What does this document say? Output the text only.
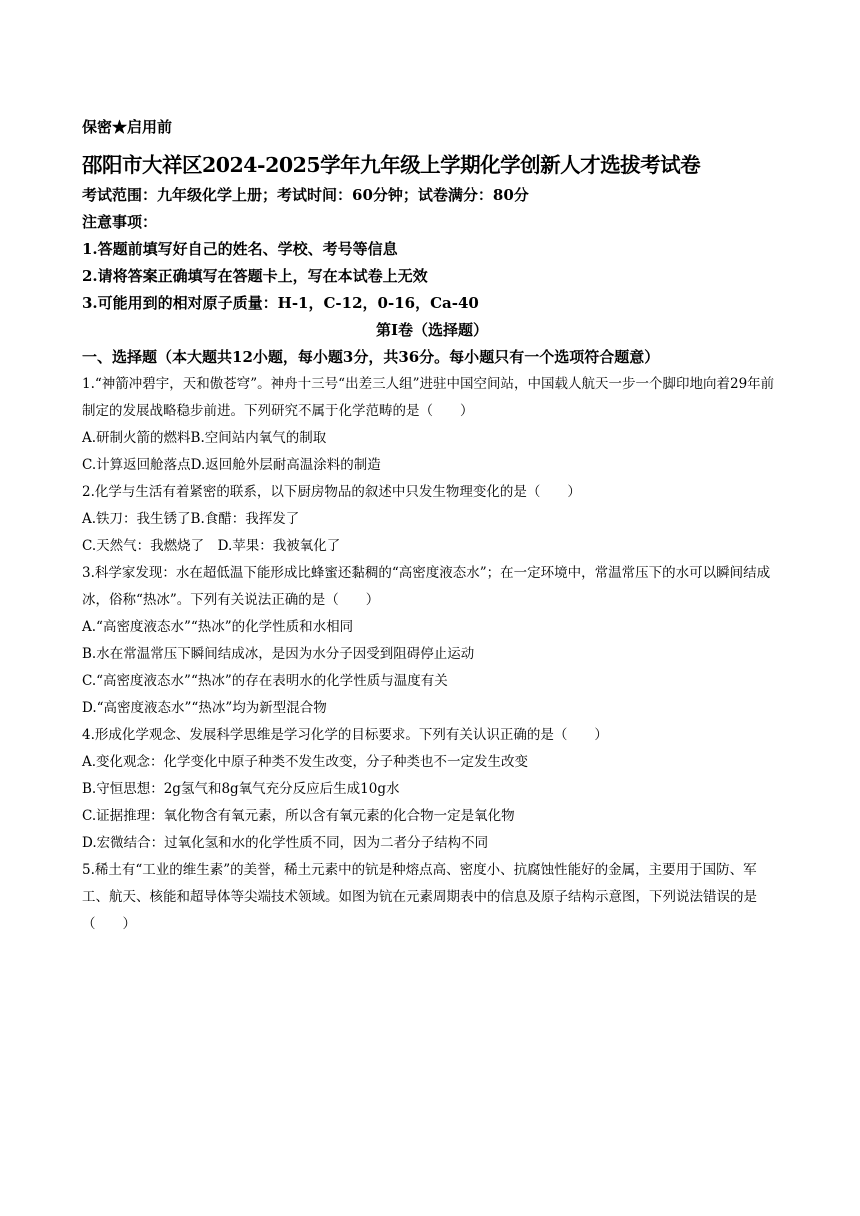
保密★启用前
邵阳市大祥区2024-2025学年九年级上学期化学创新人才选拔考试卷
考试范围：九年级化学上册；考试时间：60分钟；试卷满分：80分
注意事项：
1.答题前填写好自己的姓名、学校、考号等信息
2.请将答案正确填写在答题卡上，写在本试卷上无效
3.可能用到的相对原子质量：H-1，C-12，0-16，Ca-40
第Ⅰ卷（选择题）
一、选择题（本大题共12小题，每小题3分，共36分。每小题只有一个选项符合题意）
1.“神箭冲碧宇，天和傲苍穹”。神舟十三号“出差三人组”进驻中国空间站，中国载人航天一步一个脚印地向着29年前制定的发展战略稳步前进。下列研究不属于化学范畴的是（　　）
A.研制火箭的燃料B.空间站内氧气的制取
C.计算返回舱落点D.返回舱外层耐高温涂料的制造
2.化学与生活有着紧密的联系，以下厨房物品的叙述中只发生物理变化的是（　　）
A.铁刀：我生锈了B.食醋：我挥发了
C.天然气：我燃烧了　D.苹果：我被氧化了
3.科学家发现：水在超低温下能形成比蜂蜜还黏稠的“高密度液态水”；在一定环境中，常温常压下的水可以瞬间结成冰，俗称“热冰”。下列有关说法正确的是（　　）
A.“高密度液态水”“热冰”的化学性质和水相同
B.水在常温常压下瞬间结成冰，是因为水分子因受到阻碍停止运动
C.“高密度液态水”“热冰”的存在表明水的化学性质与温度有关
D.“高密度液态水”“热冰”均为新型混合物
4.形成化学观念、发展科学思维是学习化学的目标要求。下列有关认识正确的是（　　）
A.变化观念：化学变化中原子种类不发生改变，分子种类也不一定发生改变
B.守恒思想：2g氢气和8g氧气充分反应后生成10g水
C.证据推理：氧化物含有氧元素，所以含有氧元素的化合物一定是氧化物
D.宏微结合：过氧化氢和水的化学性质不同，因为二者分子结构不同
5.稀土有“工业的维生素”的美誉，稀土元素中的钪是种熔点高、密度小、抗腐蚀性能好的金属，主要用于国防、军工、航天、核能和超导体等尖端技术领域。如图为钪在元素周期表中的信息及原子结构示意图，下列说法错误的是（　　）
